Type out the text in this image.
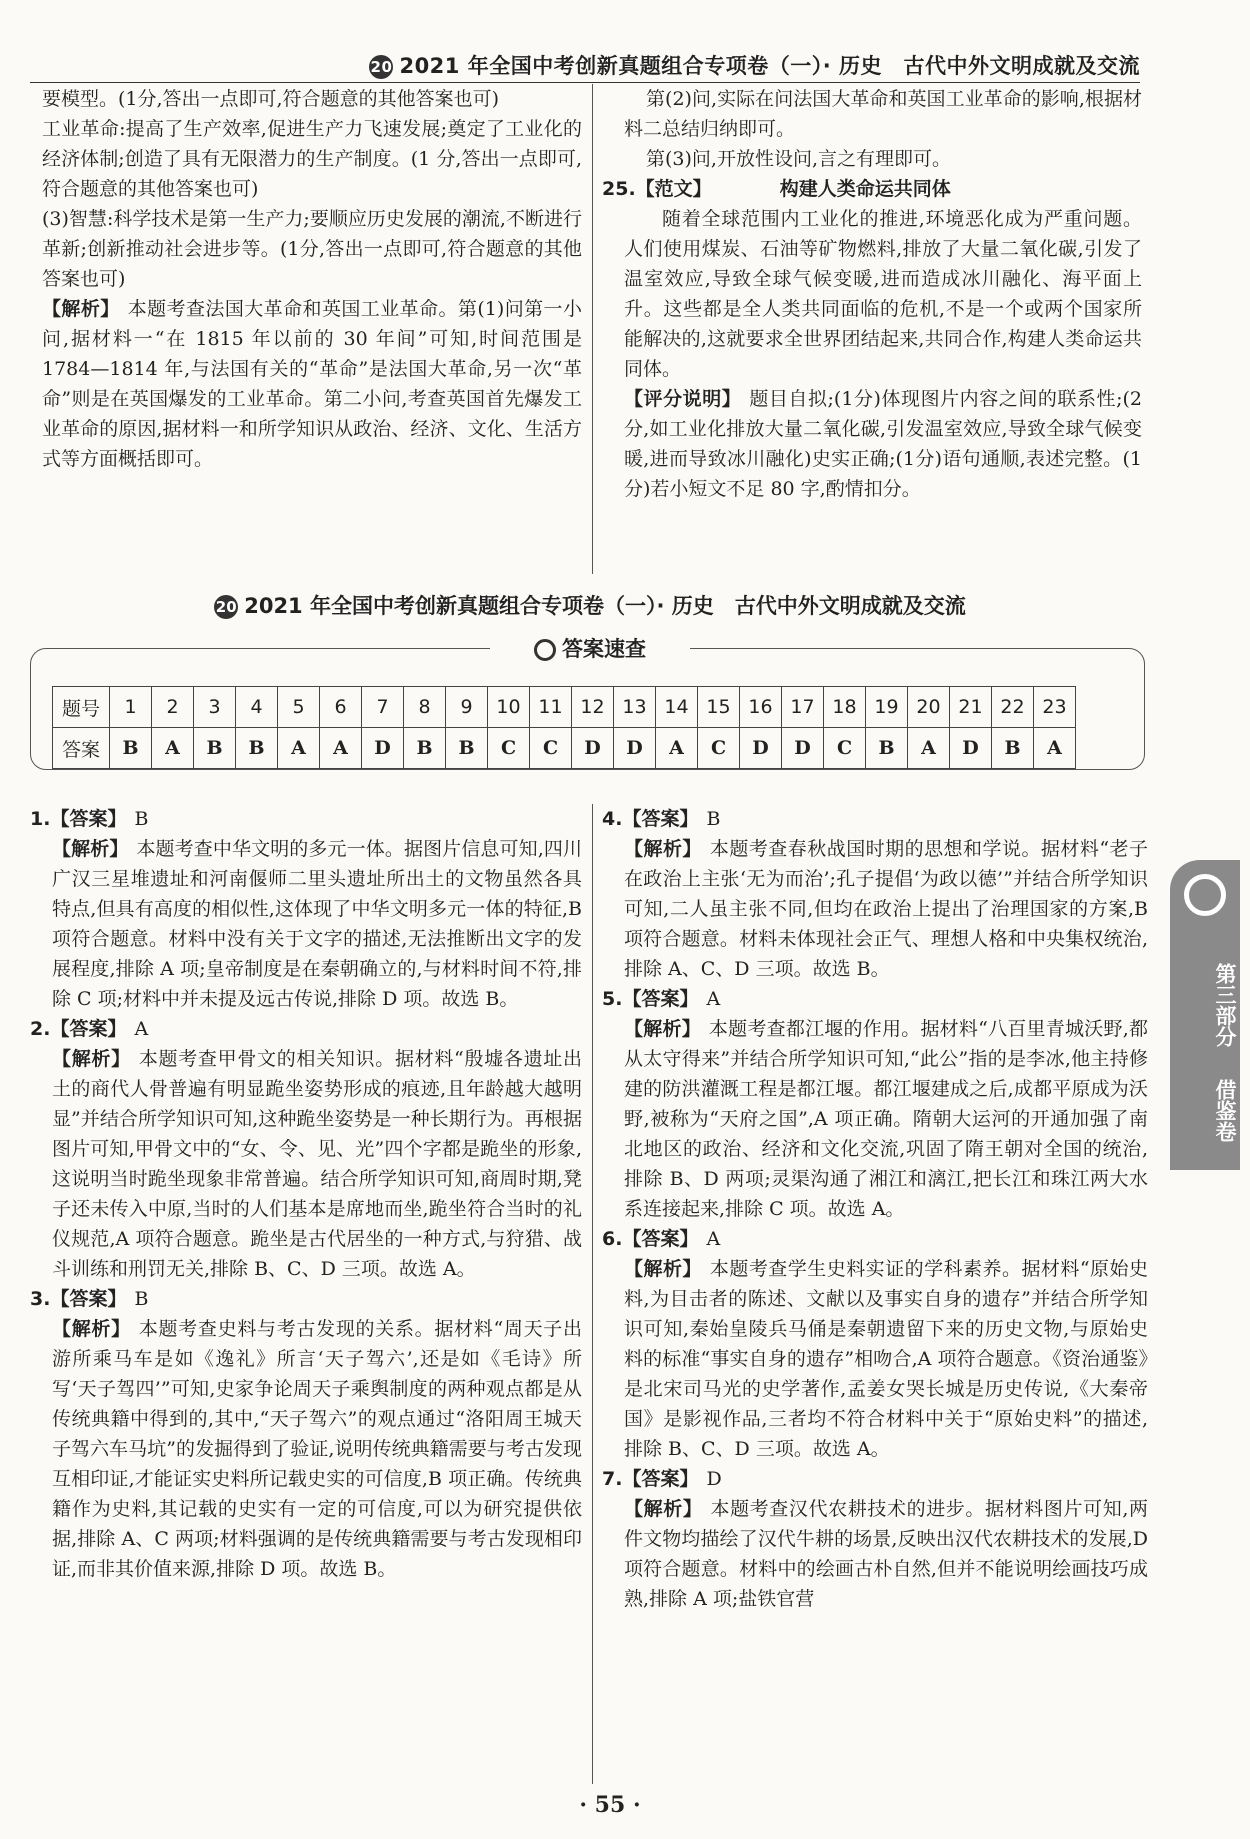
20 2021 年全国中考创新真题组合专项卷（一）· 历史　古代中外文明成就及交流

要模型。(1分,答出一点即可,符合题意的其他答案也可)

工业革命:提高了生产效率,促进生产力飞速发展;奠定了工业化的经济体制;创造了具有无限潜力的生产制度。(1 分,答出一点即可,符合题意的其他答案也可)

(3)智慧:科学技术是第一生产力;要顺应历史发展的潮流,不断进行革新;创新推动社会进步等。(1分,答出一点即可,符合题意的其他答案也可)

【解析】 本题考查法国大革命和英国工业革命。第(1)问第一小问,据材料一“在 1815 年以前的 30 年间”可知,时间范围是 1784—1814 年,与法国有关的“革命”是法国大革命,另一次“革命”则是在英国爆发的工业革命。第二小问,考查英国首先爆发工业革命的原因,据材料一和所学知识从政治、经济、文化、生活方式等方面概括即可。

第(2)问,实际在问法国大革命和英国工业革命的影响,根据材料二总结归纳即可。

第(3)问,开放性设问,言之有理即可。

25.【范文】	构建人类命运共同体

随着全球范围内工业化的推进,环境恶化成为严重问题。人们使用煤炭、石油等矿物燃料,排放了大量二氧化碳,引发了温室效应,导致全球气候变暖,进而造成冰川融化、海平面上升。这些都是全人类共同面临的危机,不是一个或两个国家所能解决的,这就要求全世界团结起来,共同合作,构建人类命运共同体。

【评分说明】 题目自拟;(1分)体现图片内容之间的联系性;(2 分,如工业化排放大量二氧化碳,引发温室效应,导致全球气候变暖,进而导致冰川融化)史实正确;(1分)语句通顺,表述完整。(1 分)若小短文不足 80 字,酌情扣分。

20 2021 年全国中考创新真题组合专项卷（一）· 历史　古代中外文明成就及交流
答案速查
题号	1	2	3	4	5	6	7	8	9	10	11	12	13	14	15	16	17	18	19	20	21	22	23
答案	B	A	B	B	A	A	D	B	B	C	C	D	D	A	C	D	D	C	B	A	D	B	A

1.【答案】 B

【解析】 本题考查中华文明的多元一体。据图片信息可知,四川广汉三星堆遗址和河南偃师二里头遗址所出土的文物虽然各具特点,但具有高度的相似性,这体现了中华文明多元一体的特征,B 项符合题意。材料中没有关于文字的描述,无法推断出文字的发展程度,排除 A 项;皇帝制度是在秦朝确立的,与材料时间不符,排除 C 项;材料中并未提及远古传说,排除 D 项。故选 B。

2.【答案】 A

【解析】 本题考查甲骨文的相关知识。据材料“殷墟各遗址出土的商代人骨普遍有明显跪坐姿势形成的痕迹,且年龄越大越明显”并结合所学知识可知,这种跪坐姿势是一种长期行为。再根据图片可知,甲骨文中的“女、令、见、光”四个字都是跪坐的形象,这说明当时跪坐现象非常普遍。结合所学知识可知,商周时期,凳子还未传入中原,当时的人们基本是席地而坐,跪坐符合当时的礼仪规范,A 项符合题意。跪坐是古代居坐的一种方式,与狩猎、战斗训练和刑罚无关,排除 B、C、D 三项。故选 A。

3.【答案】 B

【解析】 本题考查史料与考古发现的关系。据材料“周天子出游所乘马车是如《逸礼》所言‘天子驾六’,还是如《毛诗》所写‘天子驾四’”可知,史家争论周天子乘舆制度的两种观点都是从传统典籍中得到的,其中,“天子驾六”的观点通过“洛阳周王城天子驾六车马坑”的发掘得到了验证,说明传统典籍需要与考古发现互相印证,才能证实史料所记载史实的可信度,B 项正确。传统典籍作为史料,其记载的史实有一定的可信度,可以为研究提供依据,排除 A、C 两项;材料强调的是传统典籍需要与考古发现相印证,而非其价值来源,排除 D 项。故选 B。

4.【答案】 B

【解析】 本题考查春秋战国时期的思想和学说。据材料“老子在政治上主张‘无为而治’;孔子提倡‘为政以德’”并结合所学知识可知,二人虽主张不同,但均在政治上提出了治理国家的方案,B 项符合题意。材料未体现社会正气、理想人格和中央集权统治,排除 A、C、D 三项。故选 B。

5.【答案】 A

【解析】 本题考查都江堰的作用。据材料“八百里青城沃野,都从太守得来”并结合所学知识可知,“此公”指的是李冰,他主持修建的防洪灌溉工程是都江堰。都江堰建成之后,成都平原成为沃野,被称为“天府之国”,A 项正确。隋朝大运河的开通加强了南北地区的政治、经济和文化交流,巩固了隋王朝对全国的统治,排除 B、D 两项;灵渠沟通了湘江和漓江,把长江和珠江两大水系连接起来,排除 C 项。故选 A。

6.【答案】 A

【解析】 本题考查学生史料实证的学科素养。据材料“原始史料,为目击者的陈述、文献以及事实自身的遗存”并结合所学知识可知,秦始皇陵兵马俑是秦朝遗留下来的历史文物,与原始史料的标准“事实自身的遗存”相吻合,A 项符合题意。《资治通鉴》是北宋司马光的史学著作,孟姜女哭长城是历史传说,《大秦帝国》是影视作品,三者均不符合材料中关于“原始史料”的描述,排除 B、C、D 三项。故选 A。

7.【答案】 D

【解析】 本题考查汉代农耕技术的进步。据材料图片可知,两件文物均描绘了汉代牛耕的场景,反映出汉代农耕技术的发展,D 项符合题意。材料中的绘画古朴自然,但并不能说明绘画技巧成熟,排除 A 项;盐铁官营

第三部分
借鉴卷
· 55 ·
